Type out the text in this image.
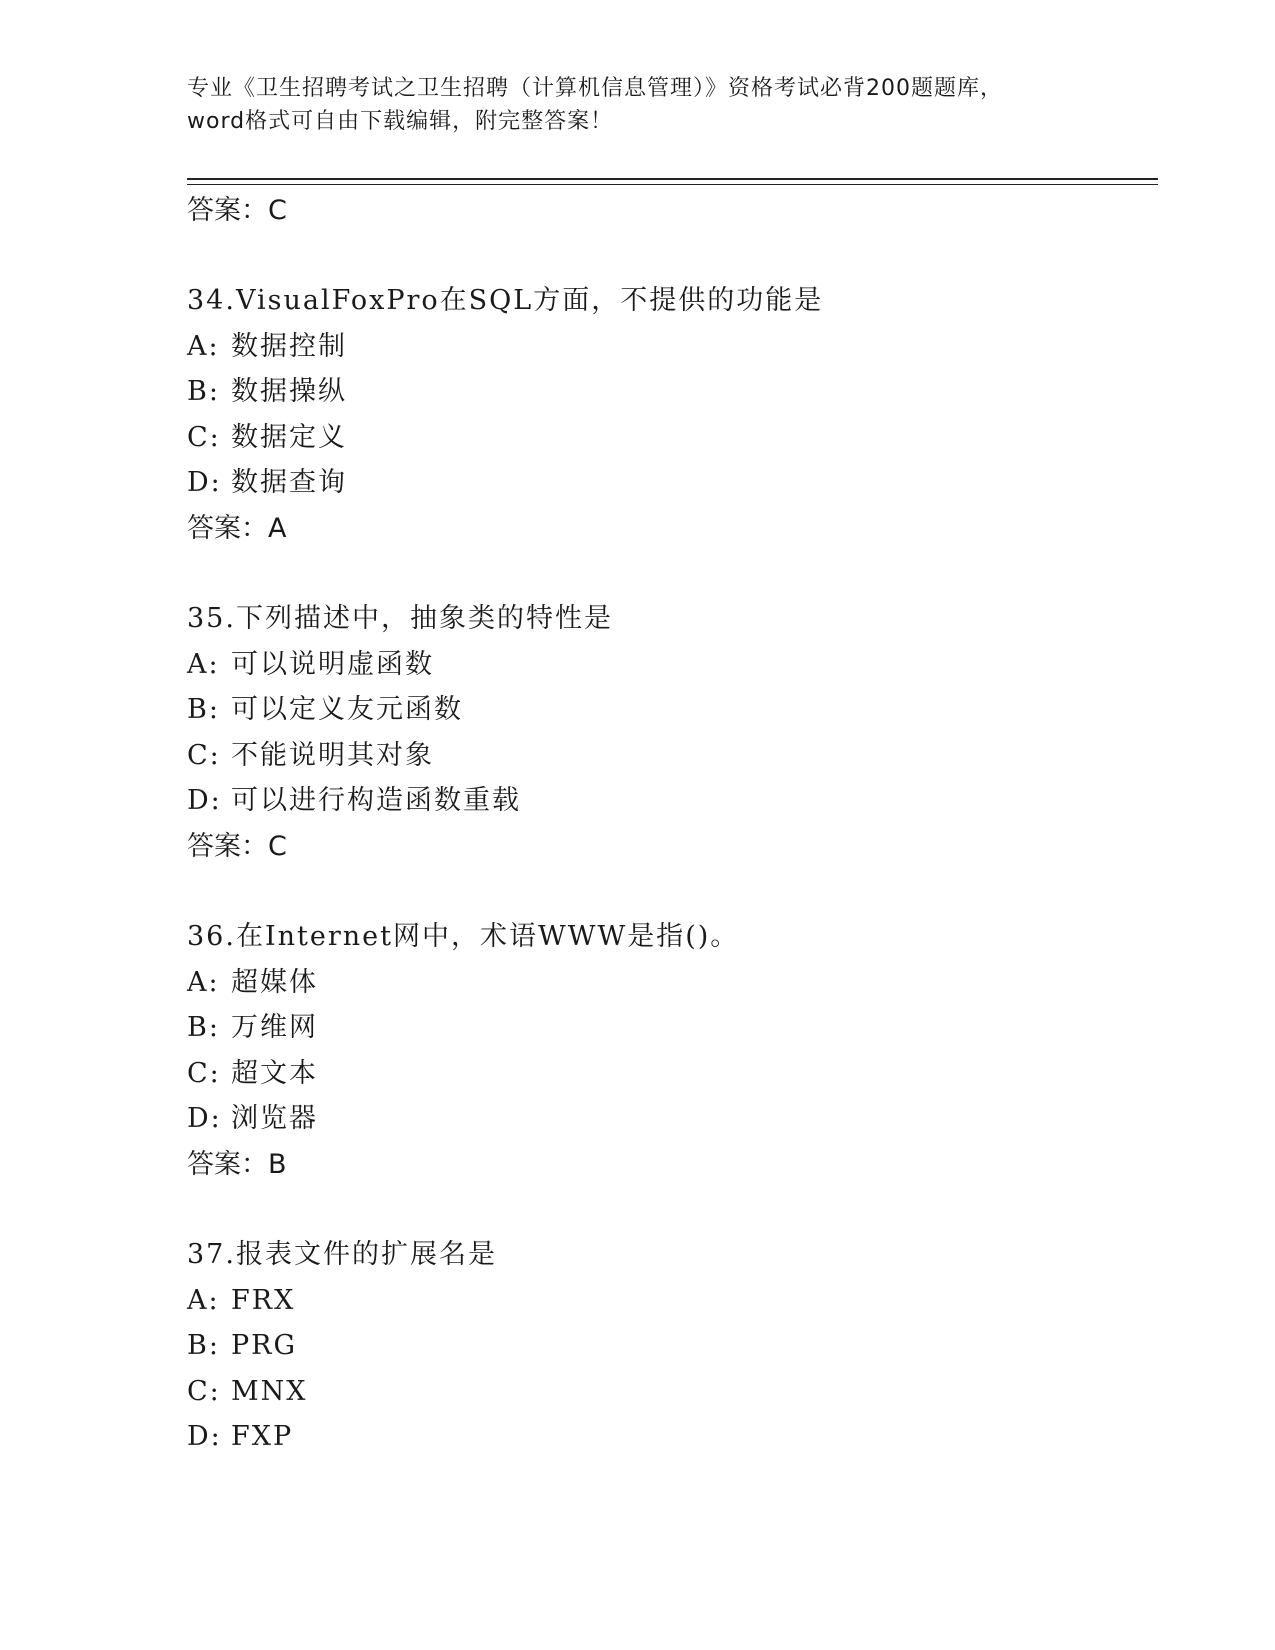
专业《卫生招聘考试之卫生招聘（计算机信息管理）》资格考试必背200题题库，
word格式可自由下载编辑，附完整答案！
答案：C
34.VisualFoxPro在SQL方面，不提供的功能是
A: 数据控制
B: 数据操纵
C: 数据定义
D: 数据查询
答案：A
35.下列描述中，抽象类的特性是
A: 可以说明虚函数
B: 可以定义友元函数
C: 不能说明其对象
D: 可以进行构造函数重载
答案：C
36.在Internet网中，术语WWW是指()。
A: 超媒体
B: 万维网
C: 超文本
D: 浏览器
答案：B
37.报表文件的扩展名是
A: FRX
B: PRG
C: MNX
D: FXP
